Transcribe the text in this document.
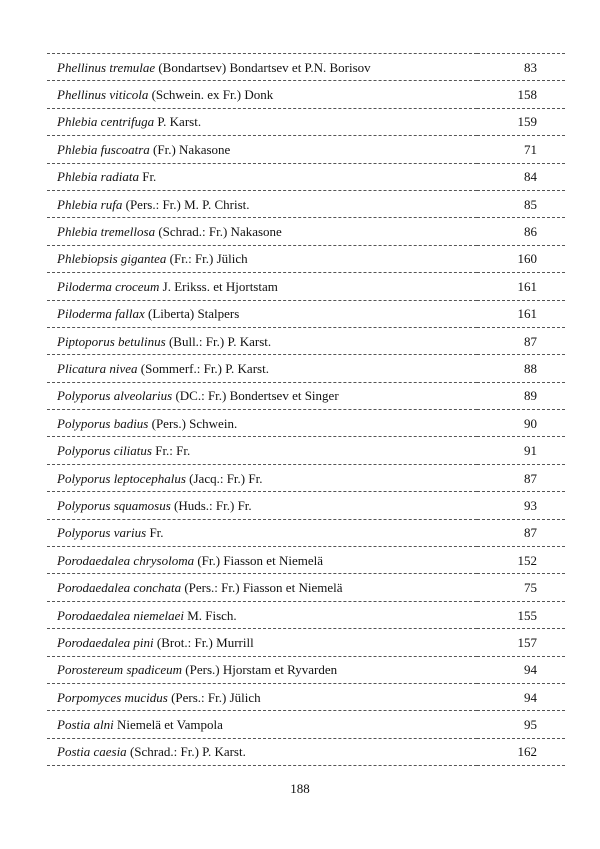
Phellinus tremulae (Bondartsev) Bondartsev et P.N. Borisov	83
Phellinus viticola (Schwein. ex Fr.) Donk	158
Phlebia centrifuga P. Karst.	159
Phlebia fuscoatra (Fr.) Nakasone	71
Phlebia radiata Fr.	84
Phlebia rufa (Pers.: Fr.) M. P. Christ.	85
Phlebia tremellosa (Schrad.: Fr.) Nakasone	86
Phlebiopsis gigantea (Fr.: Fr.) Jülich	160
Piloderma croceum J. Erikss. et Hjortstam	161
Piloderma fallax (Liberta) Stalpers	161
Piptoporus betulinus (Bull.: Fr.) P. Karst.	87
Plicatura nivea (Sommerf.: Fr.) P. Karst.	88
Polyporus alveolarius (DC.: Fr.) Bondertsev et Singer	89
Polyporus badius (Pers.) Schwein.	90
Polyporus ciliatus Fr.: Fr.	91
Polyporus leptocephalus (Jacq.: Fr.) Fr.	87
Polyporus squamosus (Huds.: Fr.) Fr.	93
Polyporus varius Fr.	87
Porodaedalea chrysoloma (Fr.) Fiasson et Niemelä	152
Porodaedalea conchata (Pers.: Fr.) Fiasson et Niemelä	75
Porodaedalea niemelaei M. Fisch.	155
Porodaedalea pini (Brot.: Fr.) Murrill	157
Porostereum spadiceum (Pers.) Hjorstam et Ryvarden	94
Porpomyces mucidus (Pers.: Fr.) Jülich	94
Postia alni Niemelä et Vampola	95
Postia caesia (Schrad.: Fr.) P. Karst.	162
188
